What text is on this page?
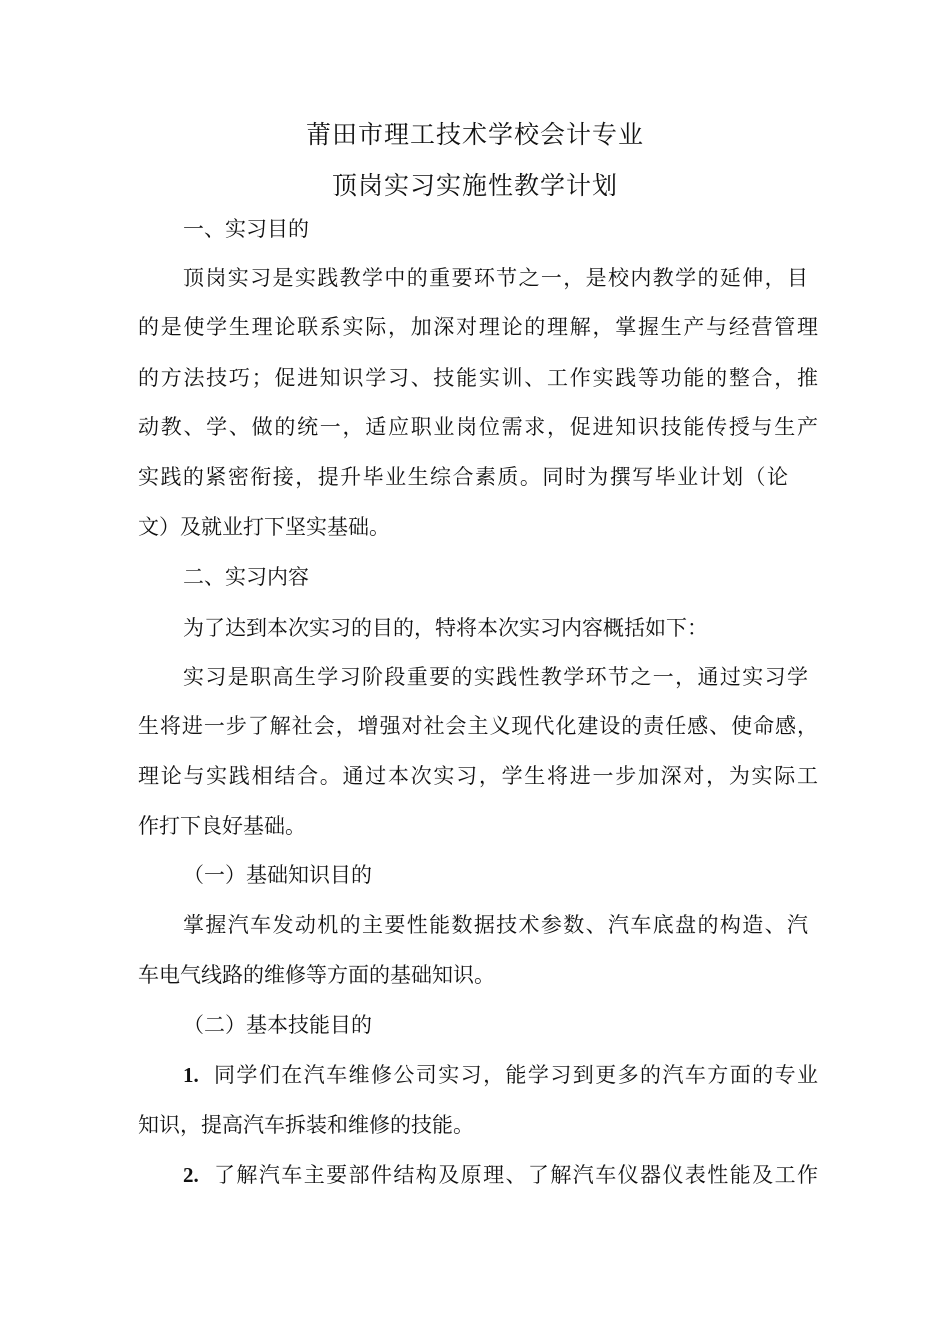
莆田市理工技术学校会计专业
顶岗实习实施性教学计划
一、实习目的
顶岗实习是实践教学中的重要环节之一，是校内教学的延伸，目
的是使学生理论联系实际，加深对理论的理解，掌握生产与经营管理
的方法技巧；促进知识学习、技能实训、工作实践等功能的整合，推
动教、学、做的统一，适应职业岗位需求，促进知识技能传授与生产
实践的紧密衔接，提升毕业生综合素质。同时为撰写毕业计划（论
文）及就业打下坚实基础。
二、实习内容
为了达到本次实习的目的，特将本次实习内容概括如下：
实习是职高生学习阶段重要的实践性教学环节之一，通过实习学
生将进一步了解社会，增强对社会主义现代化建设的责任感、使命感，
理论与实践相结合。通过本次实习，学生将进一步加深对，为实际工
作打下良好基础。
（一）基础知识目的
掌握汽车发动机的主要性能数据技术参数、汽车底盘的构造、汽
车电气线路的维修等方面的基础知识。
（二）基本技能目的
1. 同学们在汽车维修公司实习，能学习到更多的汽车方面的专业
知识，提高汽车拆装和维修的技能。
2. 了解汽车主要部件结构及原理、了解汽车仪器仪表性能及工作
